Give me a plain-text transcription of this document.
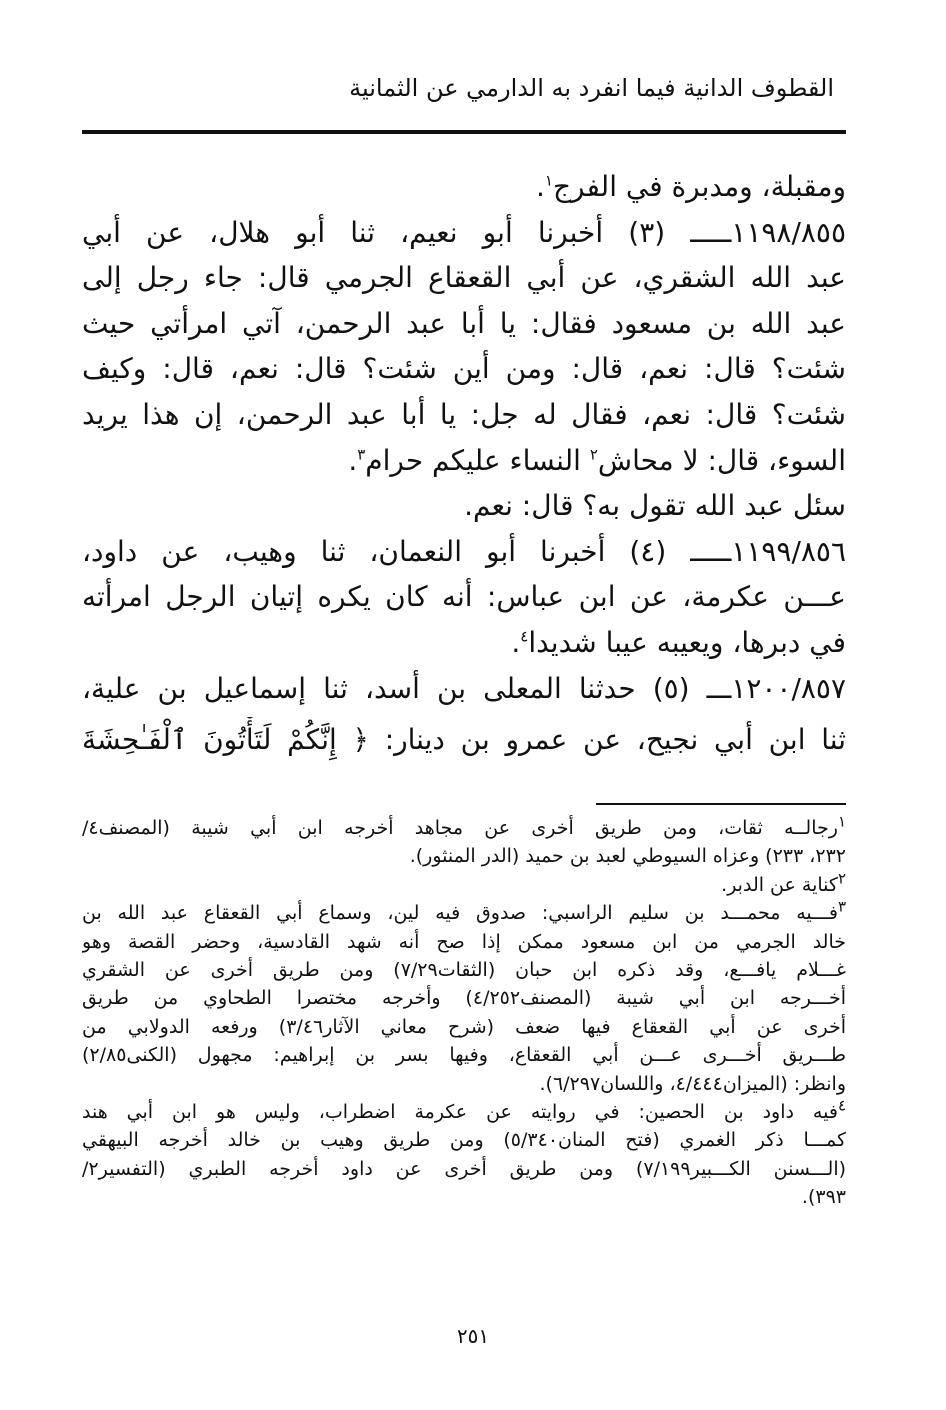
القطوف الدانية فيما انفرد به الدارمي عن الثمانية
ومقبلة، ومدبرة في الفرج$^١$.
١١٩٨/٨٥٥ـــــ (٣) أخبرنا أبو نعيم، ثنا أبو هلال، عن أبي
عبد الله الشقري، عن أبي القعقاع الجرمي قال: جاء رجل إلى
عبد الله بن مسعود فقال: يا أبا عبد الرحمن، آتي امرأتي حيث
شئت؟ قال: نعم، قال: ومن أين شئت؟ قال: نعم، قال: وكيف
شئت؟ قال: نعم، فقال له جل: يا أبا عبد الرحمن، إن هذا يريد
السوء، قال: لا محاش$^٢$ النساء عليكم حرام$^٣$.
سئل عبد الله تقول به؟ قال: نعم.
١١٩٩/٨٥٦ـــــ (٤) أخبرنا أبو النعمان، ثنا وهيب، عن داود،
عـــن عكرمة، عن ابن عباس: أنه كان يكره إتيان الرجل امرأته
في دبرها، ويعيبه عيبا شديدا$^٤$.
١٢٠٠/٨٥٧ـــ (٥) حدثنا المعلى بن أسد، ثنا إسماعيل بن علية،
ثنا ابن أبي نجيح، عن عمرو بن دينار: ﴿ إِنَّكُمْ لَتَأْتُونَ ٱلْفَـٰحِشَةَ
$^١$رجالــه ثقات، ومن طريق أخرى عن مجاهد أخرجه ابن أبي شيبة (المصنف٤/
٢٣٢، ٢٣٣) وعزاه السيوطي لعبد بن حميد (الدر المنثور).
$^٢$كناية عن الدبر.
$^٣$فـــيه محمـــد بن سليم الراسبي: صدوق فيه لين، وسماع أبي القعقاع عبد الله بن
خالد الجرمي من ابن مسعود ممكن إذا صح أنه شهد القادسية، وحضر القصة وهو
غـــلام يافـــع، وقد ذكره ابن حبان (الثقات٧/٢٩) ومن طريق أخرى عن الشقري
أخـــرجه ابن أبي شيبة (المصنف٤/٢٥٢) وأخرجه مختصرا الطحاوي من طريق
أخرى عن أبي القعقاع فيها ضعف (شرح معاني الآثار٣/٤٦) ورفعه الدولابي من
طـــريق أخـــرى عـــن أبي القعقاع، وفيها بسر بن إبراهيم: مجهول (الكنى٢/٨٥)
وانظر: (الميزان٤/٤٤٤، واللسان٦/٢٩٧).
$^٤$فيه داود بن الحصين: في روايته عن عكرمة اضطراب، وليس هو ابن أبي هند
كمـــا ذكر الغمري (فتح المنان٥/٣٤٠) ومن طريق وهيب بن خالد أخرجه البيهقي
(الـــسنن الكـــبير٧/١٩٩) ومن طريق أخرى عن داود أخرجه الطبري (التفسير٢/
٣٩٣).
٢٥١
